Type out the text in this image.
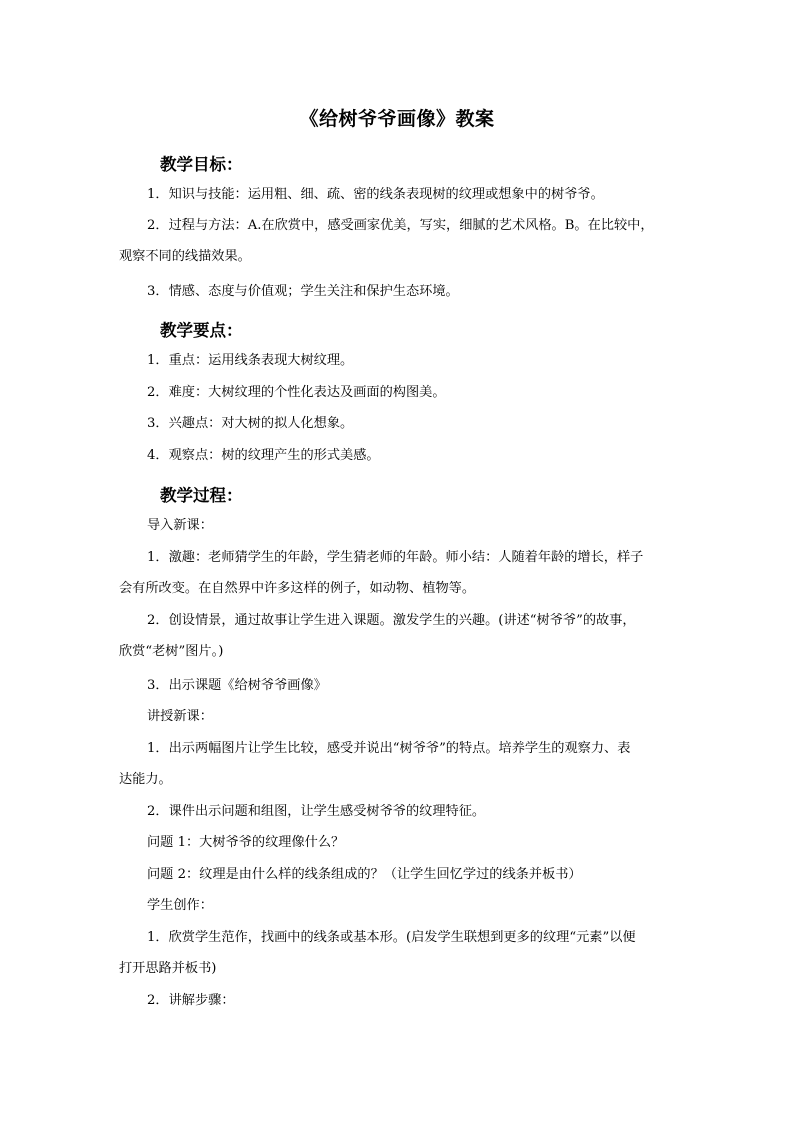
《给树爷爷画像》教案
教学目标：
1．知识与技能：运用粗、细、疏、密的线条表现树的纹理或想象中的树爷爷。
2．过程与方法：A.在欣赏中，感受画家优美，写实，细腻的艺术风格。B。在比较中，
观察不同的线描效果。
3．情感、态度与价值观；学生关注和保护生态环境。
教学要点：
1．重点：运用线条表现大树纹理。
2．难度：大树纹理的个性化表达及画面的构图美。
3．兴趣点：对大树的拟人化想象。
4．观察点：树的纹理产生的形式美感。
教学过程：
导入新课：
1．激趣：老师猜学生的年龄，学生猜老师的年龄。师小结：人随着年龄的增长，样子
会有所改变。在自然界中许多这样的例子，如动物、植物等。
2．创设情景，通过故事让学生进入课题。激发学生的兴趣。(讲述“树爷爷”的故事，
欣赏“老树”图片。)
3．出示课题《给树爷爷画像》
讲授新课：
1．出示两幅图片让学生比较，感受并说出“树爷爷”的特点。培养学生的观察力、表
达能力。
2．课件出示问题和组图，让学生感受树爷爷的纹理特征。
问题 1：大树爷爷的纹理像什么？
问题 2：纹理是由什么样的线条组成的？（让学生回忆学过的线条并板书）
学生创作：
1．欣赏学生范作，找画中的线条或基本形。(启发学生联想到更多的纹理“元素”以便
打开思路并板书)
2．讲解步骤：
